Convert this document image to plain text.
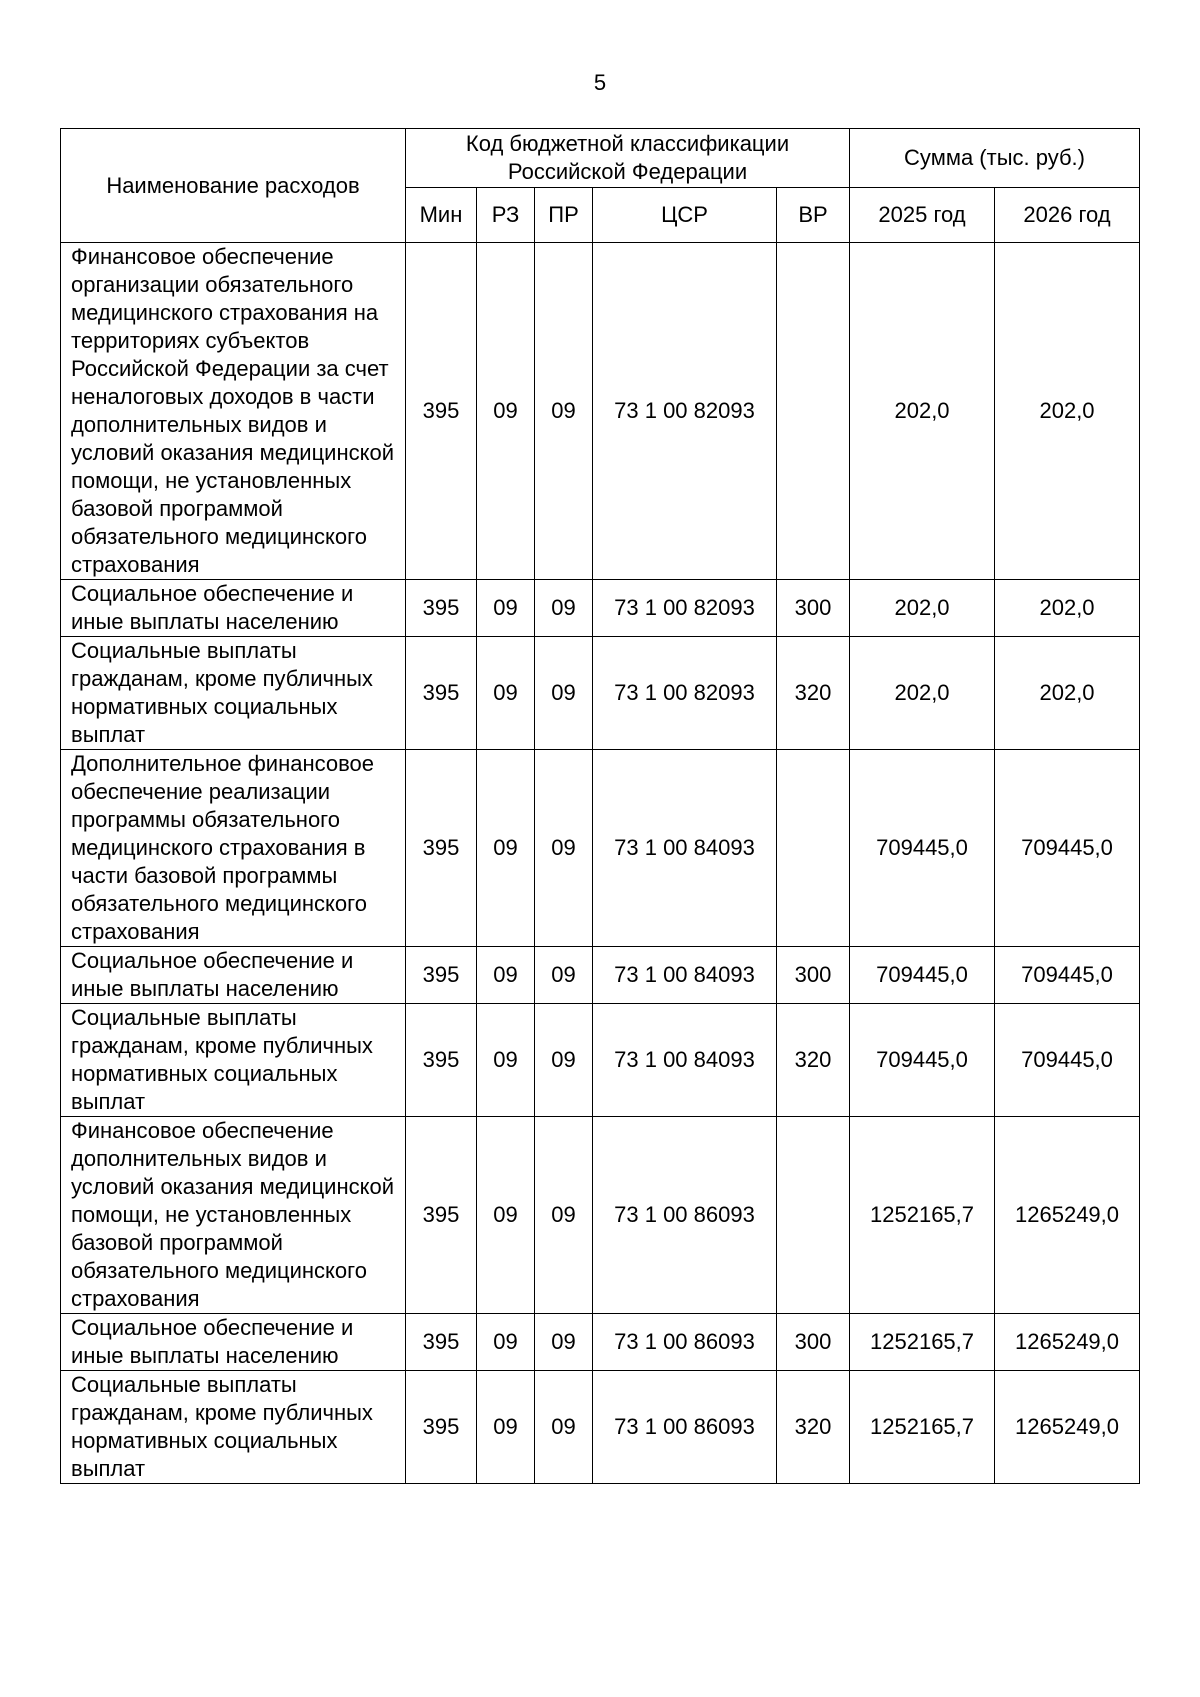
5
Наименование расходов	Код бюджетной классификации Российской Федерации					Сумма (тыс. руб.)	
	Мин	РЗ	ПР	ЦСР	ВР	2025 год	2026 год
Финансовое обеспечение организации обязательного медицинского страхования на территориях субъектов Российской Федерации за счет неналоговых доходов в части дополнительных видов и условий оказания медицинской помощи, не установленных базовой программой обязательного медицинского страхования	395	09	09	73 1 00 82093		202,0	202,0
Социальное обеспечение и иные выплаты населению	395	09	09	73 1 00 82093	300	202,0	202,0
Социальные выплаты гражданам, кроме публичных нормативных социальных выплат	395	09	09	73 1 00 82093	320	202,0	202,0
Дополнительное финансовое обеспечение реализации программы обязательного медицинского страхования в части базовой программы обязательного медицинского страхования	395	09	09	73 1 00 84093		709445,0	709445,0
Социальное обеспечение и иные выплаты населению	395	09	09	73 1 00 84093	300	709445,0	709445,0
Социальные выплаты гражданам, кроме публичных нормативных социальных выплат	395	09	09	73 1 00 84093	320	709445,0	709445,0
Финансовое обеспечение дополнительных видов и условий оказания медицинской помощи, не установленных базовой программой обязательного медицинского страхования	395	09	09	73 1 00 86093		1252165,7	1265249,0
Социальное обеспечение и иные выплаты населению	395	09	09	73 1 00 86093	300	1252165,7	1265249,0
Социальные выплаты гражданам, кроме публичных нормативных социальных выплат	395	09	09	73 1 00 86093	320	1252165,7	1265249,0
